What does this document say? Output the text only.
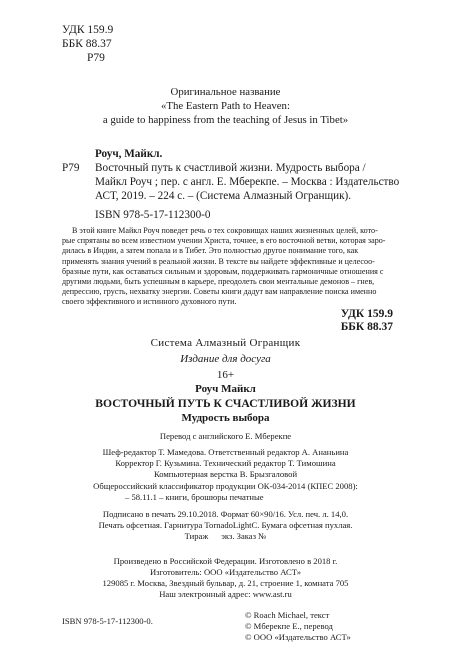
УДК 159.9
ББК 88.37
Р79
Оригинальное название
«The Eastern Path to Heaven:
a guide to happiness from the teaching of Jesus in Tibet»
Роуч, Майкл.
Р79 Восточный путь к счастливой жизни. Мудрость выбора /
Майкл Роуч ; пер. с англ. Е. Мберекпе. – Москва : Издательство
АСТ, 2019. – 224 с. – (Система Алмазный Огранщик).
ISBN 978-5-17-112300-0
В этой книге Майкл Роуч поведет речь о тех сокровищах наших жизненных целей, кото-
рые спрятаны во всем известном учении Христа, точнее, в его восточной ветви, которая заро-
дилась в Индии, а затем попала и в Тибет. Это полностью другое понимание того, как
применять знания учений в реальной жизни. В тексте вы найдете эффективные и целесоо-
бразные пути, как оставаться сильным и здоровым, поддерживать гармоничные отношения с
другими людьми, быть успешным в карьере, преодолеть свои ментальные демонов – гнев,
депрессию, грусть, нехватку энергии. Советы книги дадут вам направление поиска именно
своего эффективного и истинного духовного пути.
УДК 159.9
ББК 88.37
Система Алмазный Огранщик
Издание для досуга
16+
Роуч Майкл
ВОСТОЧНЫЙ ПУТЬ К СЧАСТЛИВОЙ ЖИЗНИ
Мудрость выбора
Перевод с английского Е. Мберекпе
Шеф-редактор Т. Мамедова. Ответственный редактор А. Ананьина
Корректор Г. Кузьмина. Технический редактор Т. Тимошина
Компьютерная верстка В. Брызгаловой
Общероссийский классификатор продукции ОК-034-2014 (КПЕС 2008):
– 58.11.1 – книги, брошюры печатные
Подписано в печать 29.10.2018. Формат 60×90/16. Усл. печ. л. 14,0.
Печать офсетная. Гарнитура TornadoLightC. Бумага офсетная пухлая.
Тираж      экз. Заказ №
Произведено в Российской Федерации. Изготовлено в 2018 г.
Изготовитель: ООО «Издательство АСТ»
129085 г. Москва, Звездный бульвар, д. 21, строение 1, комната 705
Наш электронный адрес: www.ast.ru
ISBN 978-5-17-112300-0.
© Roach Michael, текст
© Мберекпе Е., перевод
© ООО «Издательство АСТ»
